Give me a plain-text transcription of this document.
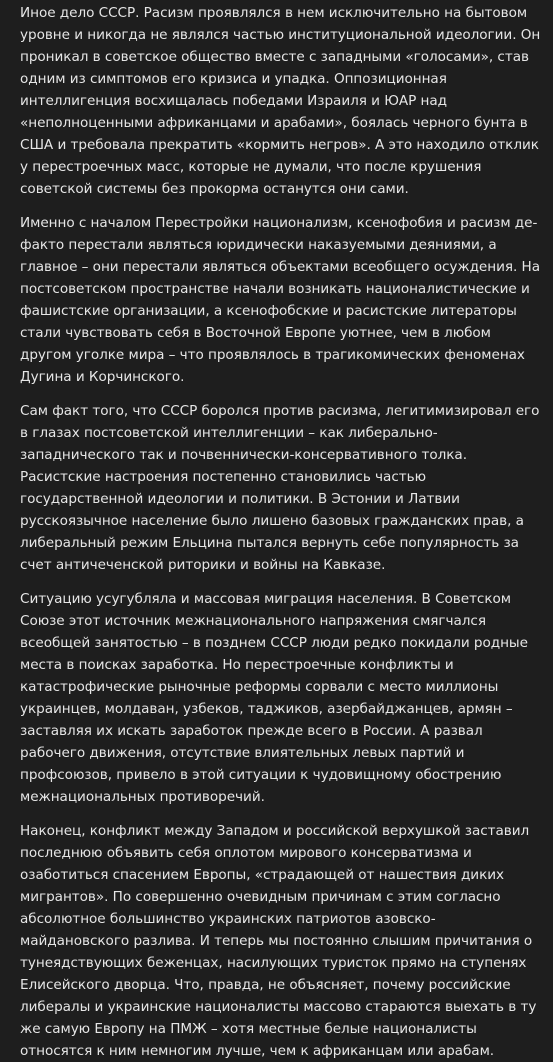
Иное дело СССР. Расизм проявлялся в нем исключительно на бытовом уровне и никогда не являлся частью институциональной идеологии. Он проникал в советское общество вместе с западными «голосами», став одним из симптомов его кризиса и упадка. Оппозиционная интеллигенция восхищалась победами Израиля и ЮАР над «неполноценными африканцами и арабами», боялась черного бунта в США и требовала прекратить «кормить негров». А это находило отклик у перестроечных масс, которые не думали, что после крушения советской системы без прокорма останутся они сами.

Именно с началом Перестройки национализм, ксенофобия и расизм де-факто перестали являться юридически наказуемыми деяниями, а главное – они перестали являться объектами всеобщего осуждения. На постсоветском пространстве начали возникать националистические и фашистские организации, а ксенофобские и расистские литераторы стали чувствовать себя в Восточной Европе уютнее, чем в любом другом уголке мира – что проявлялось в трагикомических феноменах Дугина и Корчинского.

Сам факт того, что СССР боролся против расизма, легитимизировал его в глазах постсоветской интеллигенции – как либерально-западнического так и почвеннически-консервативного толка. Расистские настроения постепенно становились частью государственной идеологии и политики. В Эстонии и Латвии русскоязычное население было лишено базовых гражданских прав, а либеральный режим Ельцина пытался вернуть себе популярность за счет античеченской риторики и войны на Кавказе.

Ситуацию усугубляла и массовая миграция населения. В Советском Союзе этот источник межнационального напряжения смягчался всеобщей занятостью – в позднем СССР люди редко покидали родные места в поисках заработка. Но перестроечные конфликты и катастрофические рыночные реформы сорвали с место миллионы украинцев, молдаван, узбеков, таджиков, азербайджанцев, армян – заставляя их искать заработок прежде всего в России. А развал рабочего движения, отсутствие влиятельных левых партий и профсоюзов, привело в этой ситуации к чудовищному обострению межнациональных противоречий.

Наконец, конфликт между Западом и российской верхушкой заставил последнюю объявить себя оплотом мирового консерватизма и озаботиться спасением Европы, «страдающей от нашествия диких мигрантов». По совершенно очевидным причинам с этим согласно абсолютное большинство украинских патриотов азовско-майдановского разлива. И теперь мы постоянно слышим причитания о тунеядствующих беженцах, насилующих туристок прямо на ступенях Елисейского дворца. Что, правда, не объясняет, почему российские либералы и украинские националисты массово стараются выехать в ту же самую Европу на ПМЖ – хотя местные белые националисты относятся к ним немногим лучше, чем к африканцам или арабам.
